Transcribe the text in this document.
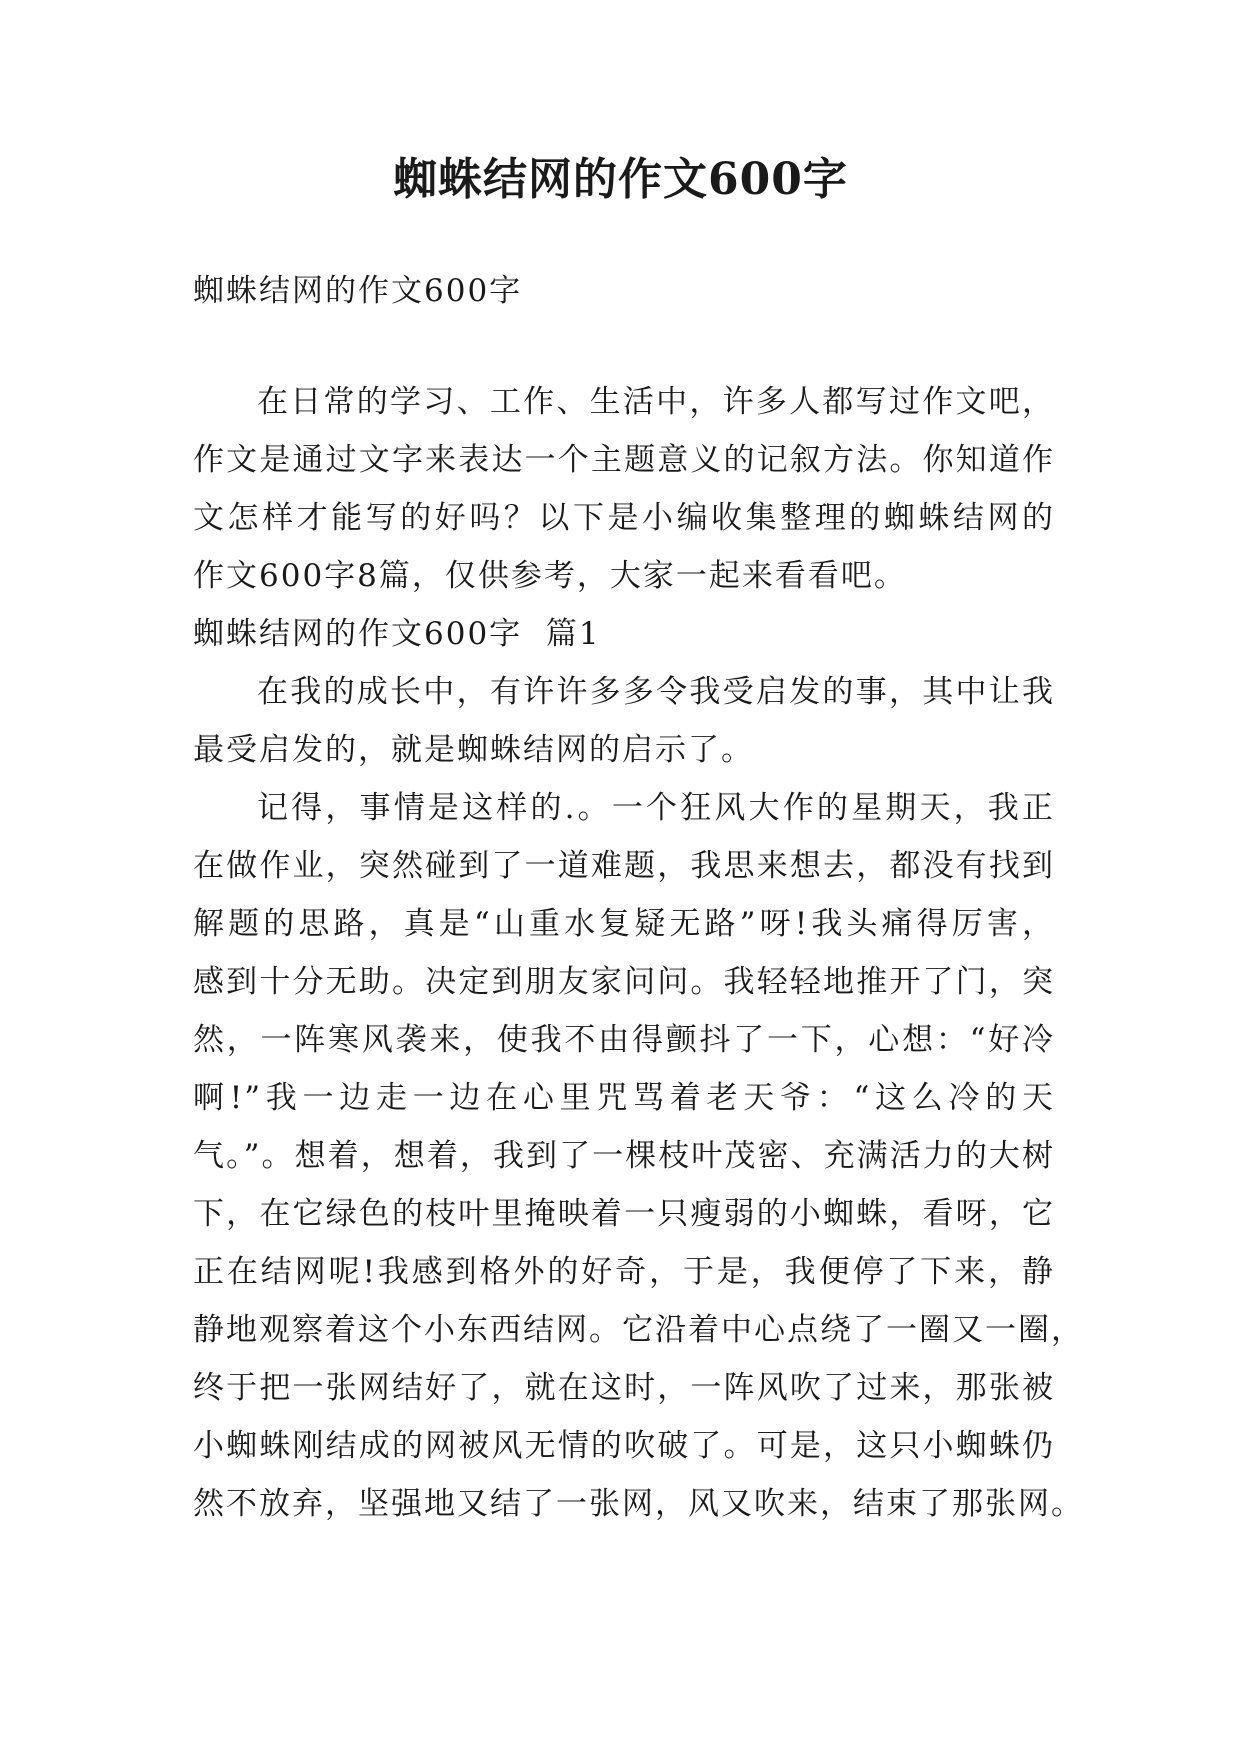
蜘蛛结网的作文600字
蜘蛛结网的作文600字

在日常的学习、工作、生活中，许多人都写过作文吧，
作文是通过文字来表达一个主题意义的记叙方法。你知道作
文怎样才能写的好吗？以下是小编收集整理的蜘蛛结网的
作文600字8篇，仅供参考，大家一起来看看吧。

蜘蛛结网的作文600字  篇1

在我的成长中，有许许多多令我受启发的事，其中让我
最受启发的，就是蜘蛛结网的启示了。

记得，事情是这样的.。一个狂风大作的星期天，我正
在做作业，突然碰到了一道难题，我思来想去，都没有找到
解题的思路，真是“山重水复疑无路”呀!我头痛得厉害，
感到十分无助。决定到朋友家问问。我轻轻地推开了门，突
然，一阵寒风袭来，使我不由得颤抖了一下，心想：“好冷
啊!”我一边走一边在心里咒骂着老天爷：“这么冷的天
气。”。想着，想着，我到了一棵枝叶茂密、充满活力的大树
下，在它绿色的枝叶里掩映着一只瘦弱的小蜘蛛，看呀，它
正在结网呢!我感到格外的好奇，于是，我便停了下来，静
静地观察着这个小东西结网。它沿着中心点绕了一圈又一圈，
终于把一张网结好了，就在这时，一阵风吹了过来，那张被
小蜘蛛刚结成的网被风无情的吹破了。可是，这只小蜘蛛仍
然不放弃，坚强地又结了一张网，风又吹来，结束了那张网。
